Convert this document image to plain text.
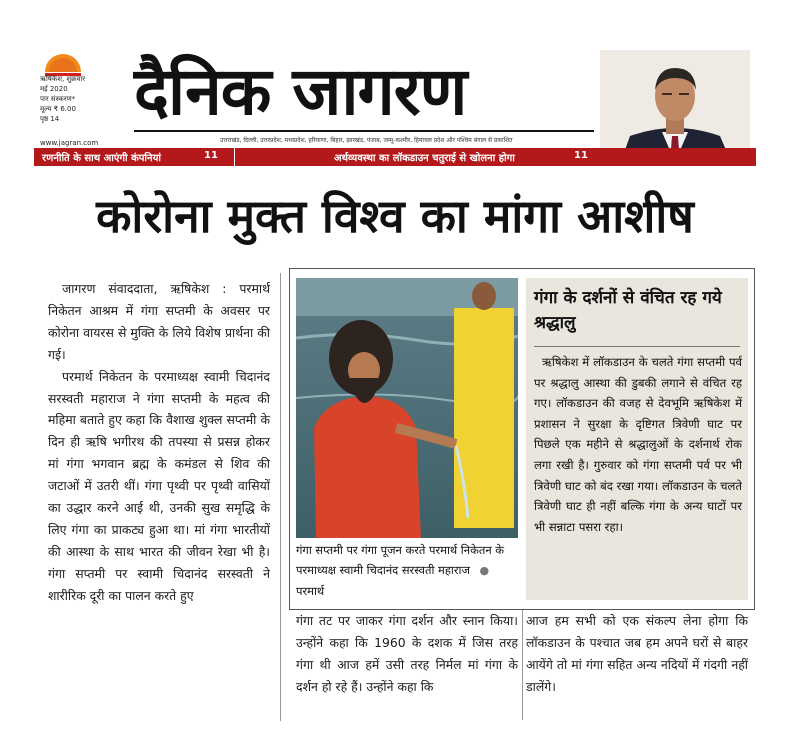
ऋषिकेश, शुक्रवार
मई 2020
पार संस्करण*
मूल्य ₹ 6.00
पृष्ठ 14	दैनिक जागरण
www.jagran.com	उत्तराखंड, दिल्ली, उत्तरप्रदेश, मध्यप्रदेश, हरियाणा, बिहार, झारखंड, पंजाब, जम्मू-कश्मीर, हिमाचल प्रदेश और पश्चिम बंगाल से प्रकाशित
रणनीति के साथ आएंगी कंपनियां	11	अर्थव्यवस्था का लॉकडाउन चतुराई से खोलना होगा	11
कोरोना मुक्त विश्व का मांगा आशीष

जागरण संवाददाता, ऋषिकेश : परमार्थ निकेतन आश्रम में गंगा सप्तमी के अवसर पर कोरोना वायरस से मुक्ति के लिये विशेष प्रार्थना की गई।

परमार्थ निकेतन के परमाध्यक्ष स्वामी चिदानंद सरस्वती महाराज ने गंगा सप्तमी के महत्व की महिमा बताते हुए कहा कि वैशाख शुक्ल सप्तमी के दिन ही ऋषि भगीरथ की तपस्या से प्रसन्न होकर मां गंगा भगवान ब्रह्म के कमंडल से शिव की जटाओं में उतरी थीं। गंगा पृथ्वी पर पृथ्वी वासियों का उद्धार करने आई थी, उनकी सुख समृद्धि के लिए गंगा का प्राकट्य हुआ था। मां गंगा भारतीयों की आस्था के साथ भारत की जीवन रेखा भी है। गंगा सप्तमी पर स्वामी चिदानंद सरस्वती ने शारीरिक दूरी का पालन करते हुए

गंगा सप्तमी पर गंगा पूजन करते परमार्थ निकेतन के परमाध्यक्ष स्वामी चिदानंद सरस्वती महाराज ● परमार्थ
गंगा के दर्शनों से वंचित रह गये श्रद्धालु
ऋषिकेश में लॉकडाउन के चलते गंगा सप्तमी पर्व पर श्रद्धालु आस्था की डुबकी लगाने से वंचित रह गए। लॉकडाउन की वजह से देवभूमि ऋषिकेश में प्रशासन ने सुरक्षा के दृष्टिगत त्रिवेणी घाट पर पिछले एक महीने से श्रद्धालुओं के दर्शनार्थ रोक लगा रखी है। गुरुवार को गंगा सप्तमी पर्व पर भी त्रिवेणी घाट को बंद रखा गया। लॉकडाउन के चलते त्रिवेणी घाट ही नहीं बल्कि गंगा के अन्य घाटों पर भी सन्नाटा पसरा रहा।

गंगा तट पर जाकर गंगा दर्शन और स्नान किया। उन्होंने कहा कि 1960 के दशक में जिस तरह गंगा थी आज हमें उसी तरह निर्मल मां गंगा के दर्शन हो रहे हैं। उन्होंने कहा कि

आज हम सभी को एक संकल्प लेना होगा कि लॉकडाउन के पश्चात जब हम अपने घरों से बाहर आयेंगे तो मां गंगा सहित अन्य नदियों में गंदगी नहीं डालेंगे।
